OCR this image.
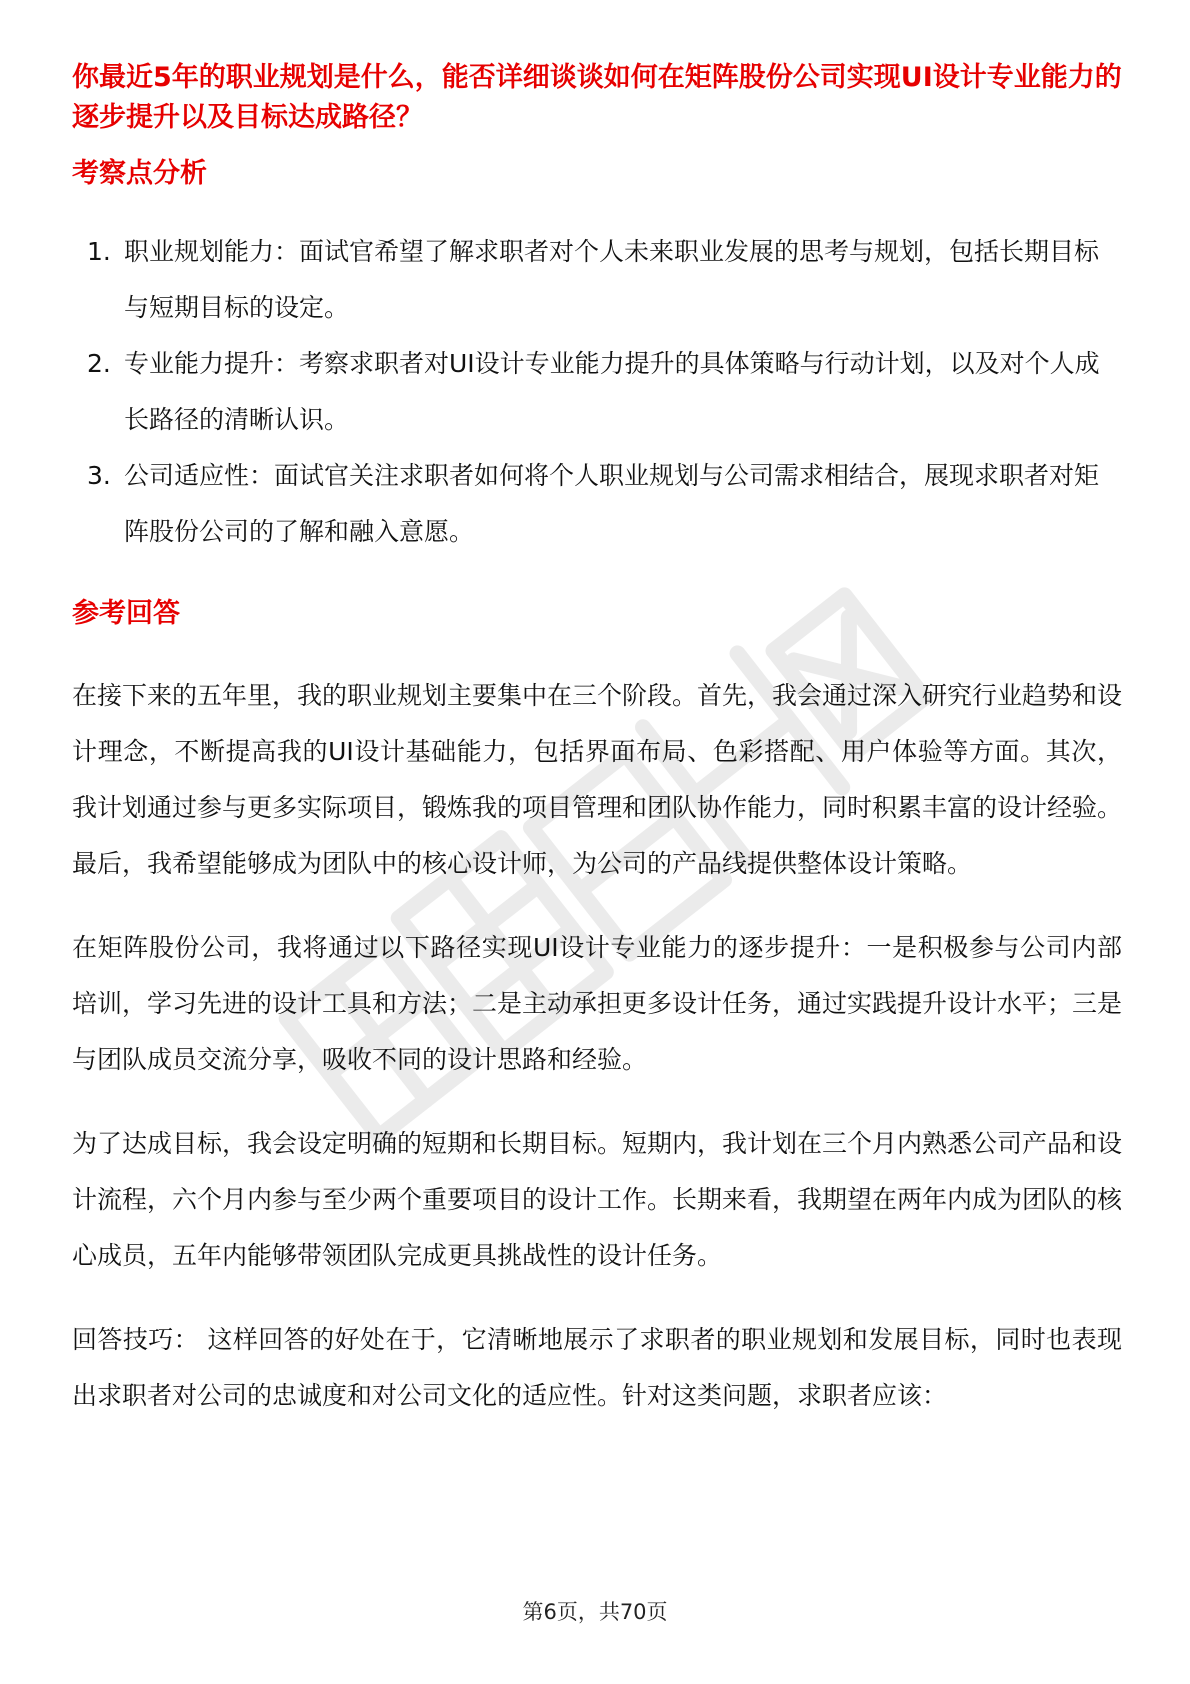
你最近5年的职业规划是什么，能否详细谈谈如何在矩阵股份公司实现UI设计专业能力的逐步提升以及目标达成路径？

考察点分析

1. 职业规划能力：面试官希望了解求职者对个人未来职业发展的思考与规划，包括长期目标与短期目标的设定。
2. 专业能力提升：考察求职者对UI设计专业能力提升的具体策略与行动计划，以及对个人成长路径的清晰认识。
3. 公司适应性：面试官关注求职者如何将个人职业规划与公司需求相结合，展现求职者对矩阵股份公司的了解和融入意愿。

参考回答

在接下来的五年里，我的职业规划主要集中在三个阶段。首先，我会通过深入研究行业趋势和设计理念，不断提高我的UI设计基础能力，包括界面布局、色彩搭配、用户体验等方面。其次，我计划通过参与更多实际项目，锻炼我的项目管理和团队协作能力，同时积累丰富的设计经验。最后，我希望能够成为团队中的核心设计师，为公司的产品线提供整体设计策略。

在矩阵股份公司，我将通过以下路径实现UI设计专业能力的逐步提升：一是积极参与公司内部培训，学习先进的设计工具和方法；二是主动承担更多设计任务，通过实践提升设计水平；三是与团队成员交流分享，吸收不同的设计思路和经验。

为了达成目标，我会设定明确的短期和长期目标。短期内，我计划在三个月内熟悉公司产品和设计流程，六个月内参与至少两个重要项目的设计工作。长期来看，我期望在两年内成为团队的核心成员，五年内能够带领团队完成更具挑战性的设计任务。

回答技巧： 这样回答的好处在于，它清晰地展示了求职者的职业规划和发展目标，同时也表现出求职者对公司的忠诚度和对公司文化的适应性。针对这类问题，求职者应该：

第6页，共70页
